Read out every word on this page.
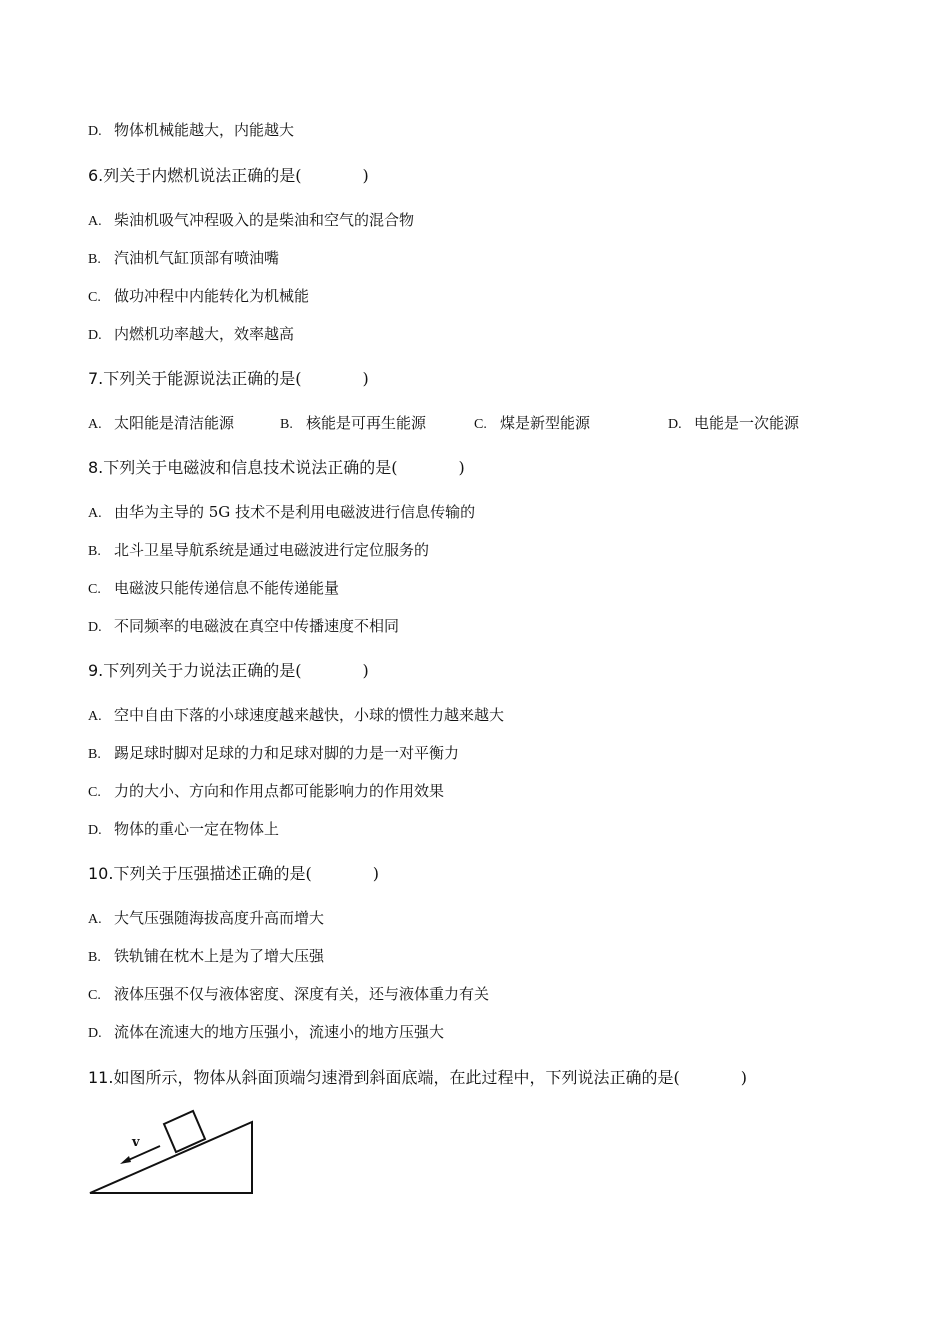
D. 物体机械能越大，内能越大
6.列关于内燃机说法正确的是(            )
A. 柴油机吸气冲程吸入的是柴油和空气的混合物
B. 汽油机气缸顶部有喷油嘴
C. 做功冲程中内能转化为机械能
D. 内燃机功率越大，效率越高
7.下列关于能源说法正确的是(            )
A. 太阳能是清洁能源	B. 核能是可再生能源	C. 煤是新型能源	D. 电能是一次能源
8.下列关于电磁波和信息技术说法正确的是(            )
A. 由华为主导的 5G 技术不是利用电磁波进行信息传输的
B. 北斗卫星导航系统是通过电磁波进行定位服务的
C. 电磁波只能传递信息不能传递能量
D. 不同频率的电磁波在真空中传播速度不相同
9.下列列关于力说法正确的是(            )
A. 空中自由下落的小球速度越来越快，小球的惯性力越来越大
B. 踢足球时脚对足球的力和足球对脚的力是一对平衡力
C. 力的大小、方向和作用点都可能影响力的作用效果
D. 物体的重心一定在物体上
10.下列关于压强描述正确的是(            )
A. 大气压强随海拔高度升高而增大
B. 铁轨铺在枕木上是为了增大压强
C. 液体压强不仅与液体密度、深度有关，还与液体重力有关
D. 流体在流速大的地方压强小，流速小的地方压强大
11.如图所示，物体从斜面顶端匀速滑到斜面底端，在此过程中，下列说法正确的是(            )
v
